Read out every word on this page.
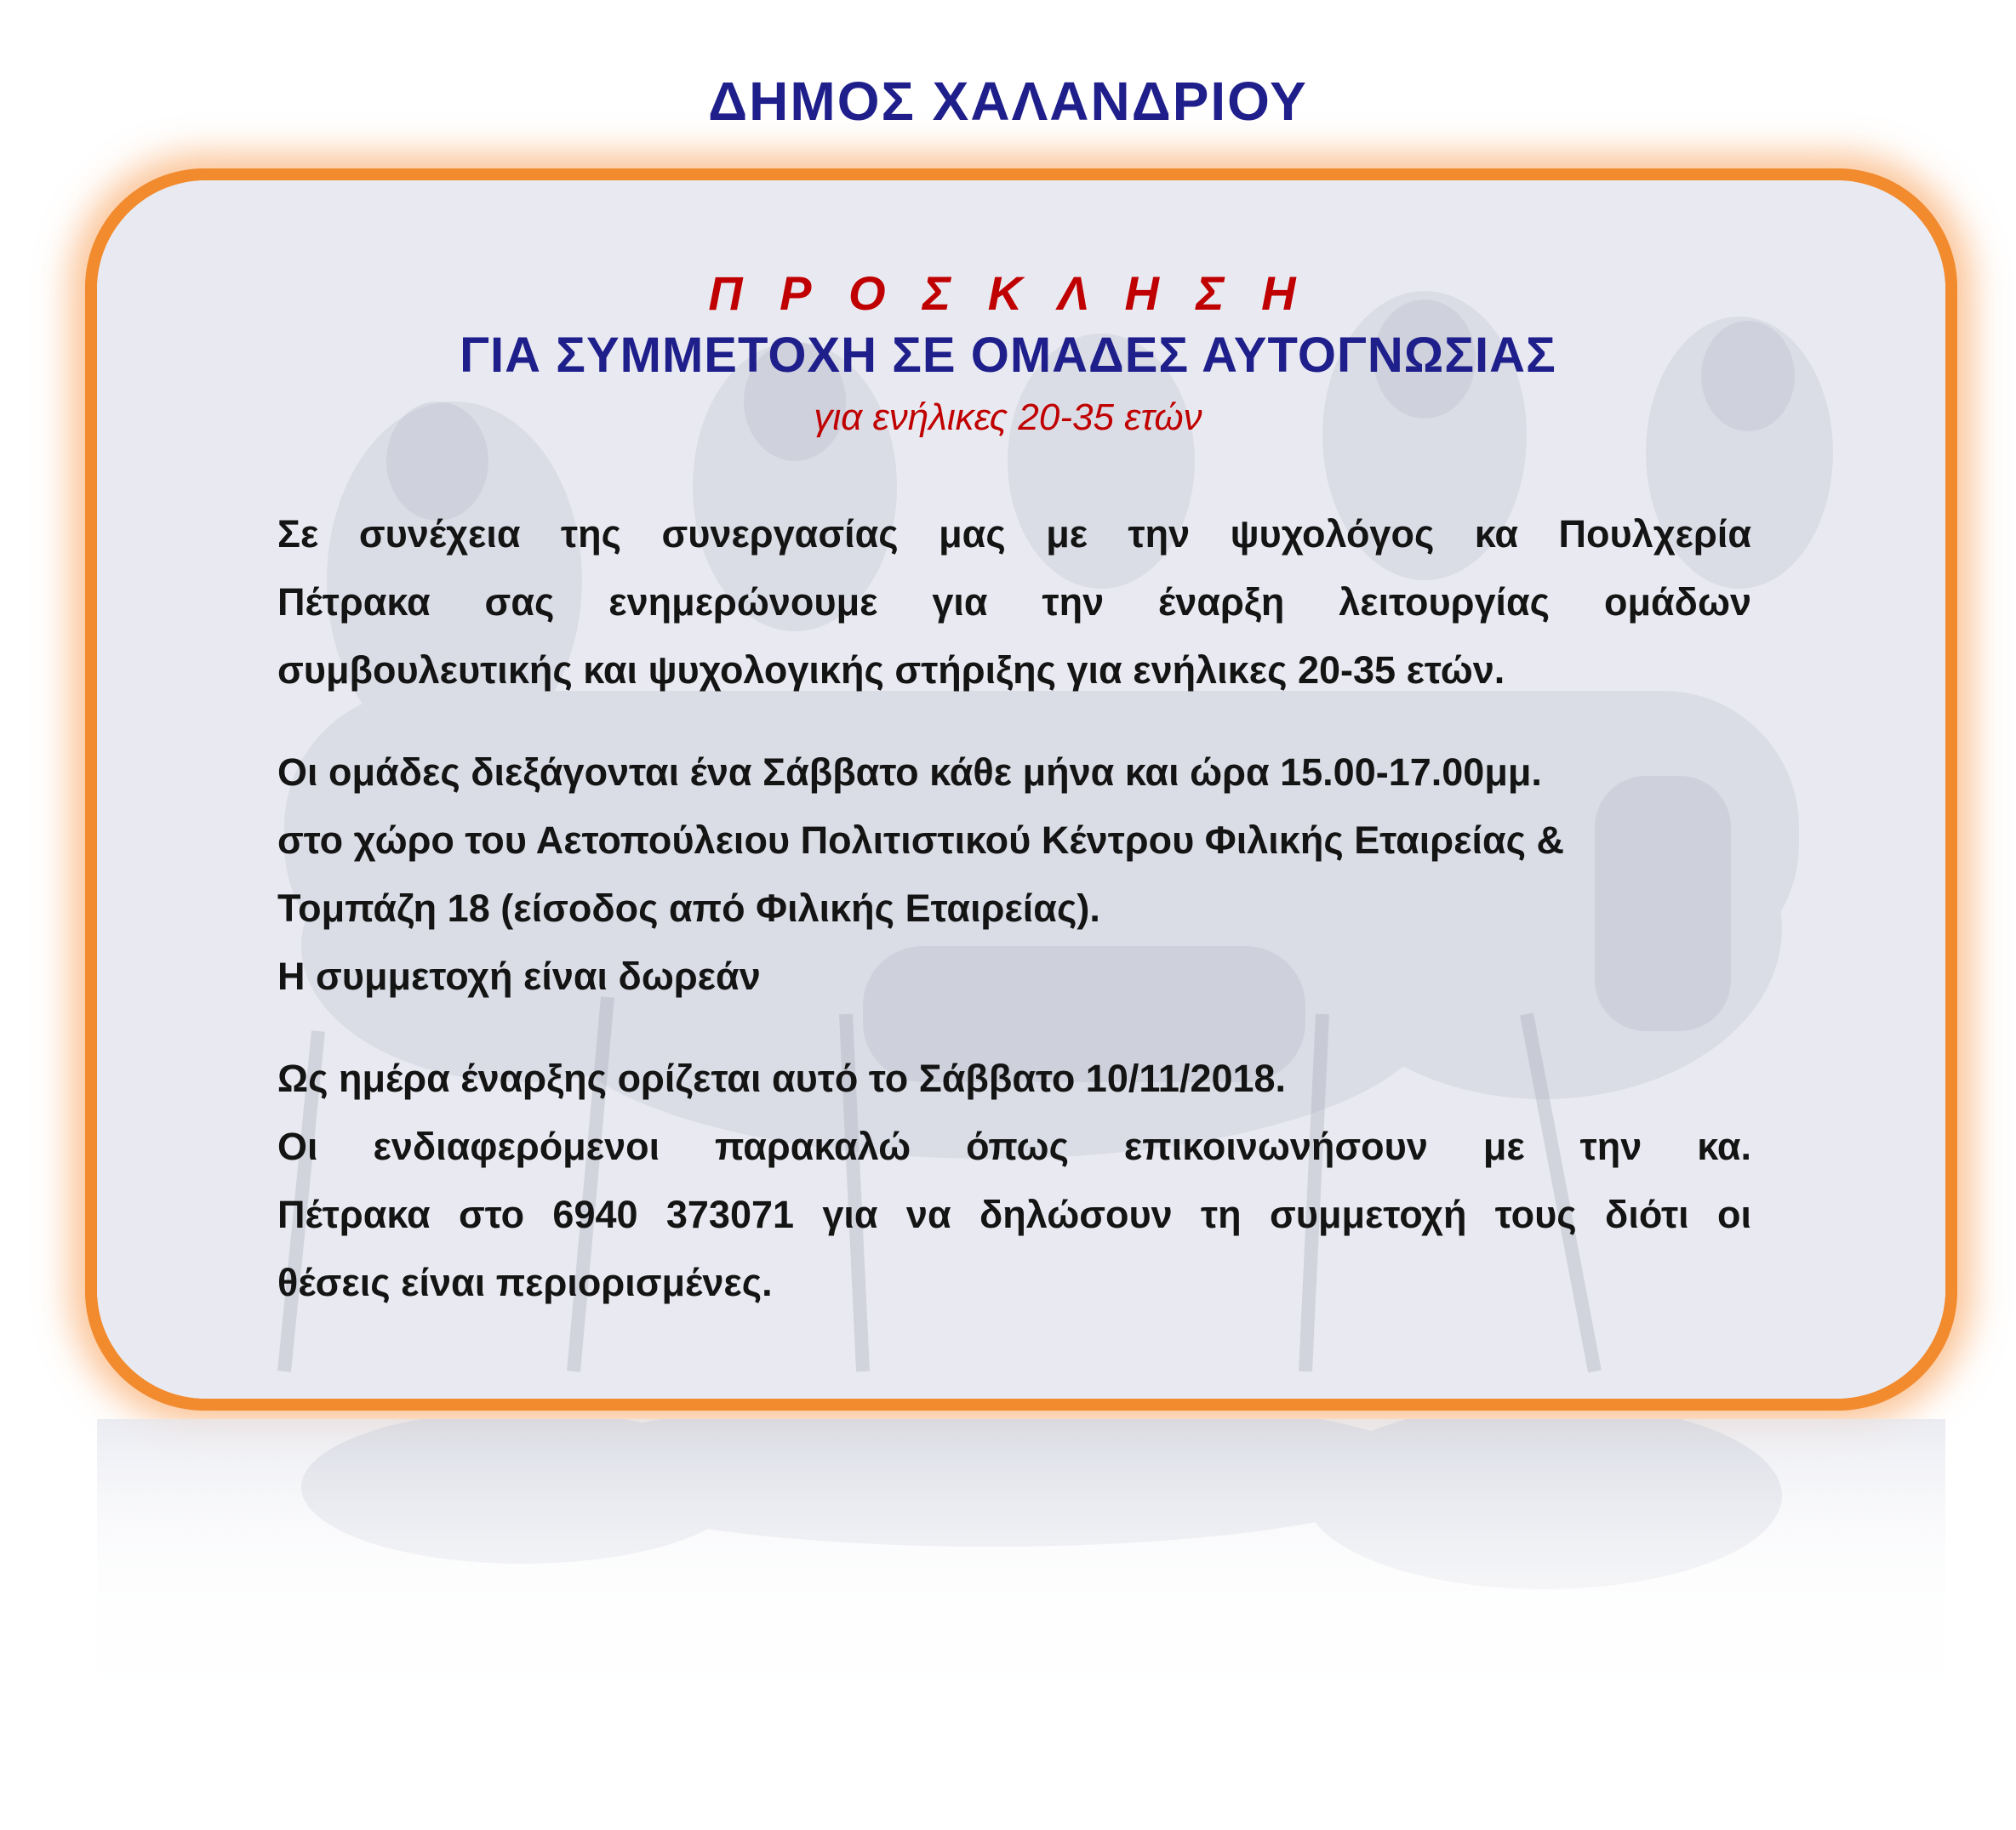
ΔΗΜΟΣ ΧΑΛΑΝΔΡΙΟΥ
Π Ρ Ο Σ Κ Λ Η Σ Η
ΓΙΑ ΣΥΜΜΕΤΟΧΗ ΣΕ ΟΜΑΔΕΣ ΑΥΤΟΓΝΩΣΙΑΣ
για ενήλικες 20-35 ετών
Σε συνέχεια της συνεργασίας μας με την ψυχολόγος κα Πουλχερία
Πέτρακα σας ενημερώνουμε για την έναρξη λειτουργίας ομάδων
συμβουλευτικής και ψυχολογικής στήριξης για ενήλικες 20-35 ετών.
Οι ομάδες διεξάγονται ένα Σάββατο κάθε μήνα και ώρα 15.00-17.00μμ.
στο χώρο του Αετοπούλειου Πολιτιστικού Κέντρου Φιλικής Εταιρείας &
Τομπάζη 18 (είσοδος από Φιλικής Εταιρείας).
Η συμμετοχή είναι δωρεάν
Ως ημέρα έναρξης ορίζεται αυτό το Σάββατο 10/11/2018.
Οι ενδιαφερόμενοι παρακαλώ όπως επικοινωνήσουν με την κα.
Πέτρακα στο 6940 373071 για να δηλώσουν τη συμμετοχή τους διότι οι
θέσεις είναι περιορισμένες.
